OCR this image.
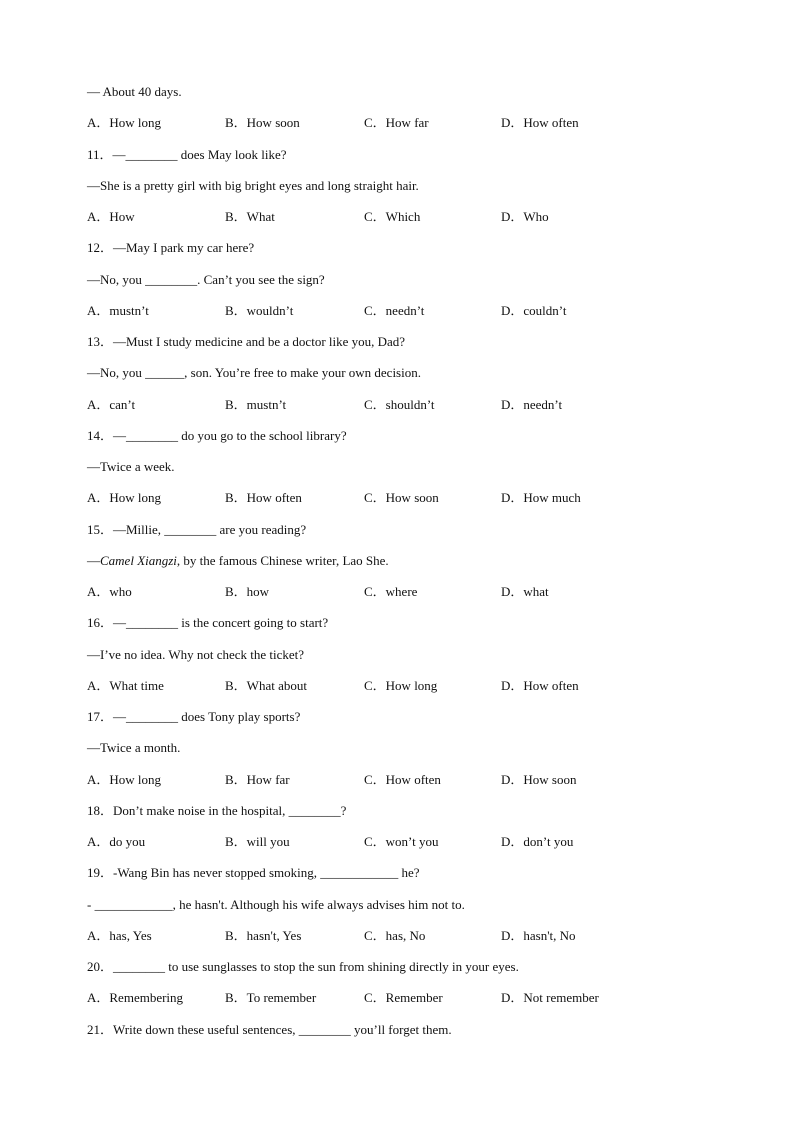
— About 40 days.
A．How long	B．How soon	C．How far	D．How often
11．—________ does May look like?
—She is a pretty girl with big bright eyes and long straight hair.
A．How	B．What	C．Which	D．Who
12．—May I park my car here?
—No, you ________. Can’t you see the sign?
A．mustn’t	B．wouldn’t	C．needn’t	D．couldn’t
13．—Must I study medicine and be a doctor like you, Dad?
—No, you ______, son. You’re free to make your own decision.
A．can’t	B．mustn’t	C．shouldn’t	D．needn’t
14．—________ do you go to the school library?
—Twice a week.
A．How long	B．How often	C．How soon	D．How much
15．—Millie, ________ are you reading?
—Camel Xiangzi, by the famous Chinese writer, Lao She.
A．who	B．how	C．where	D．what
16．—________ is the concert going to start?
—I’ve no idea. Why not check the ticket?
A．What time	B．What about	C．How long	D．How often
17．—________ does Tony play sports?
—Twice a month.
A．How long	B．How far	C．How often	D．How soon
18．Don’t make noise in the hospital, ________?
A．do you	B．will you	C．won’t you	D．don’t you
19．-Wang Bin has never stopped smoking, ____________ he?
- ____________, he hasn't. Although his wife always advises him not to.
A．has, Yes	B．hasn't, Yes	C．has, No	D．hasn't, No
20．________ to use sunglasses to stop the sun from shining directly in your eyes.
A．Remembering	B．To remember	C．Remember	D．Not remember
21．Write down these useful sentences, ________ you’ll forget them.
